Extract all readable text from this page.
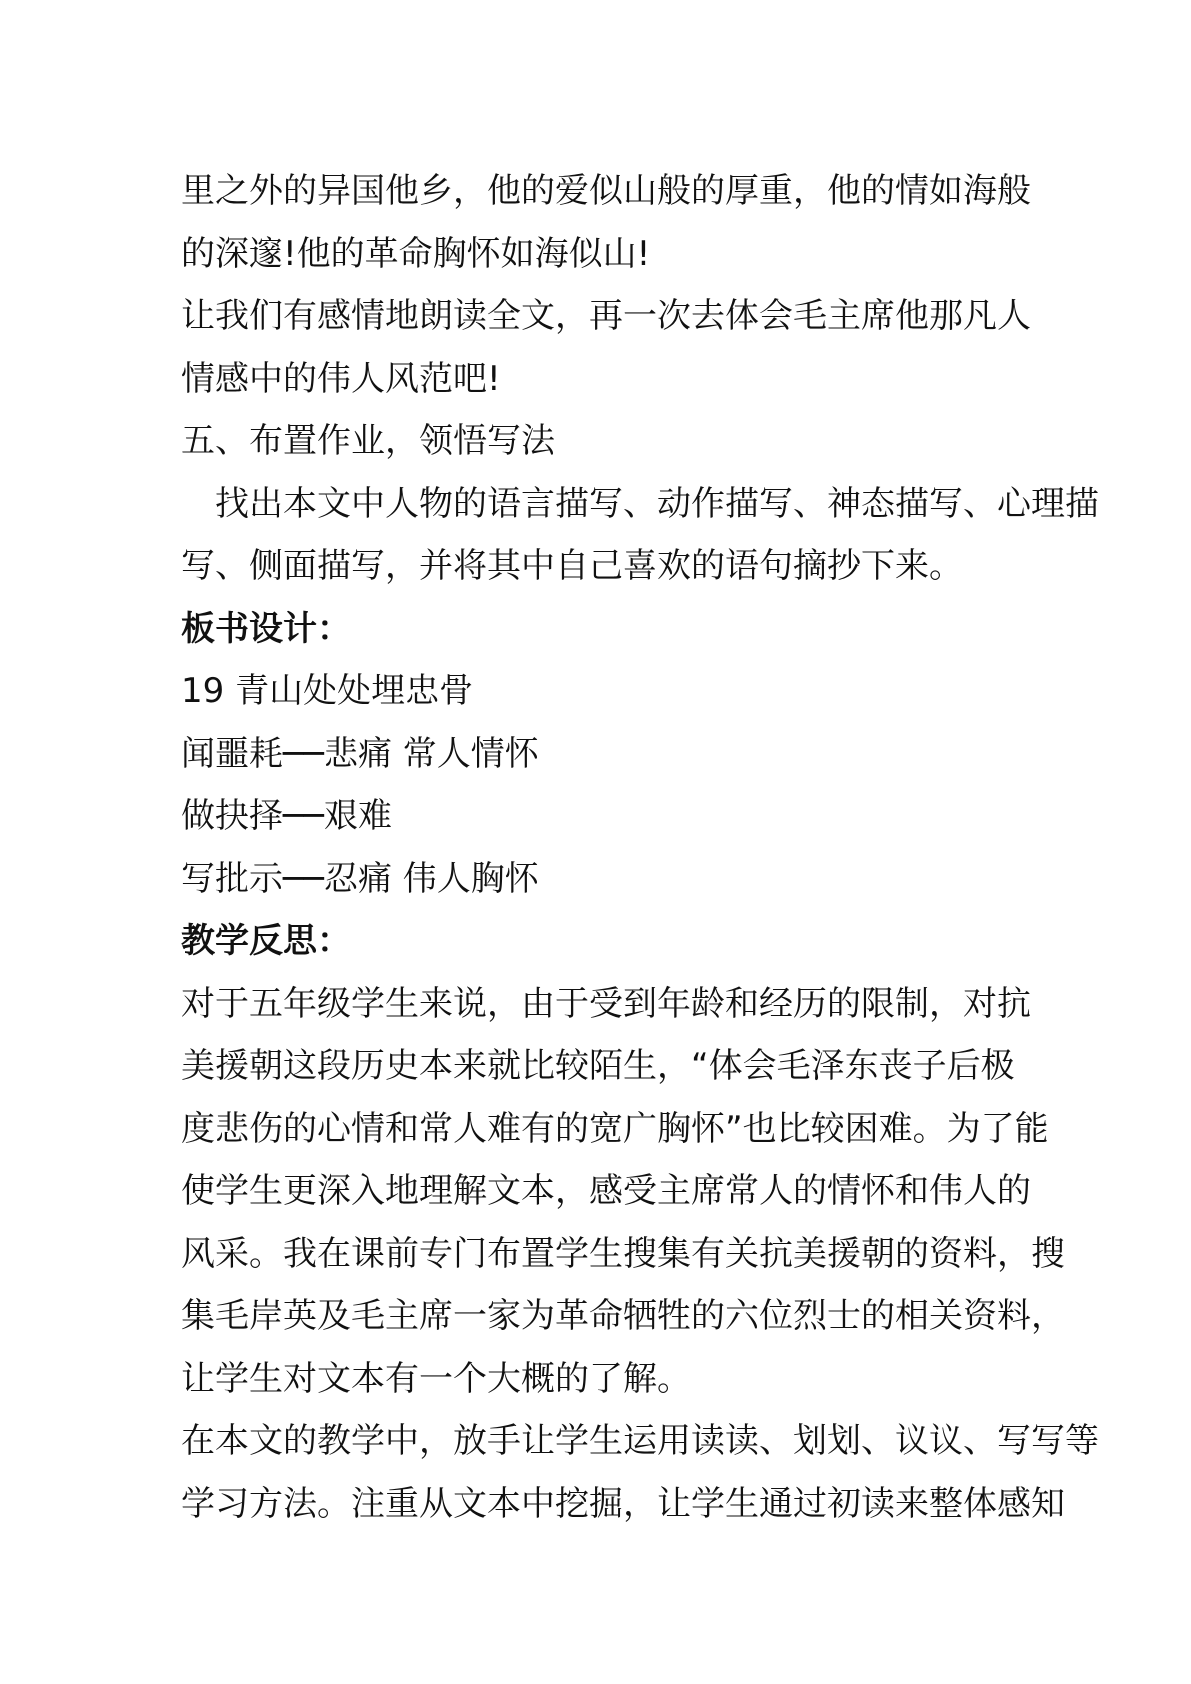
里之外的异国他乡，他的爱似山般的厚重，他的情如海般
的深邃!他的革命胸怀如海似山!
让我们有感情地朗读全文，再一次去体会毛主席他那凡人
情感中的伟人风范吧!
五、布置作业，领悟写法
找出本文中人物的语言描写、动作描写、神态描写、心理描
写、侧面描写，并将其中自己喜欢的语句摘抄下来。
板书设计：
19 青山处处埋忠骨
闻噩耗──悲痛 常人情怀
做抉择──艰难
写批示──忍痛 伟人胸怀
教学反思：
对于五年级学生来说，由于受到年龄和经历的限制，对抗
美援朝这段历史本来就比较陌生，“体会毛泽东丧子后极
度悲伤的心情和常人难有的宽广胸怀”也比较困难。为了能
使学生更深入地理解文本，感受主席常人的情怀和伟人的
风采。我在课前专门布置学生搜集有关抗美援朝的资料，搜
集毛岸英及毛主席一家为革命牺牲的六位烈士的相关资料，
让学生对文本有一个大概的了解。
在本文的教学中，放手让学生运用读读、划划、议议、写写等
学习方法。注重从文本中挖掘，让学生通过初读来整体感知
